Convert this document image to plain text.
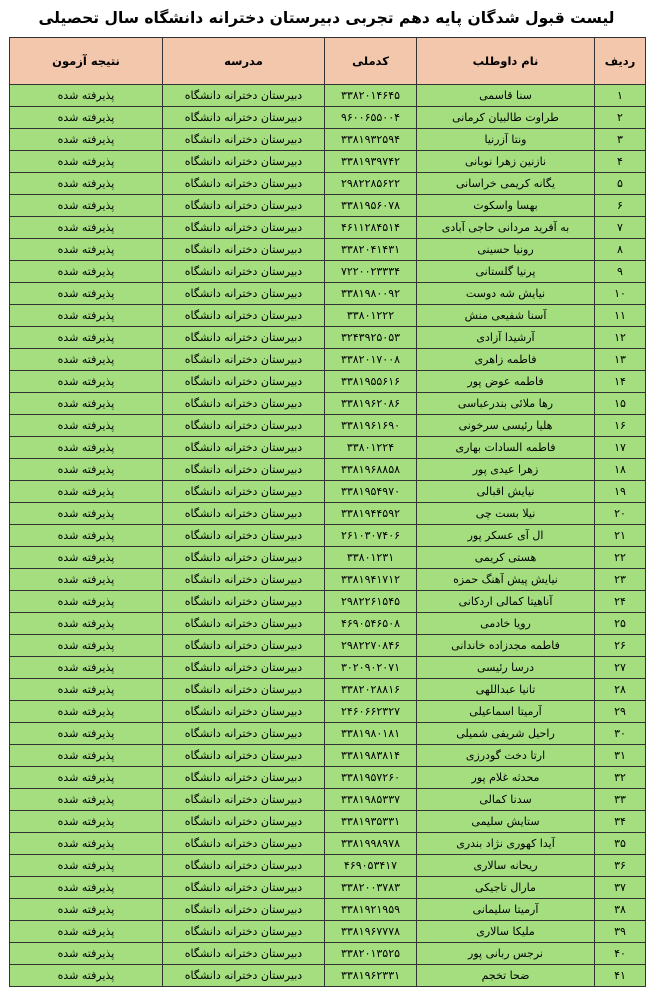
لیست قبول شدگان پایه دهم تجربی دبیرستان دخترانه دانشگاه سال تحصیلی
ردیف	نام داوطلب	کدملی	مدرسه	نتیجه آزمون
۱	سنا قاسمی	۳۳۸۲۰۱۴۶۴۵	دبیرستان دخترانه دانشگاه	پذیرفته شده
۲	طراوت طالبیان کرمانی	۹۶۰۰۶۵۵۰۰۴	دبیرستان دخترانه دانشگاه	پذیرفته شده
۳	ونتا آزرنیا	۳۳۸۱۹۳۲۵۹۴	دبیرستان دخترانه دانشگاه	پذیرفته شده
۴	نازنین زهرا نوبانی	۳۳۸۱۹۳۹۷۴۲	دبیرستان دخترانه دانشگاه	پذیرفته شده
۵	یگانه کریمی خراسانی	۲۹۸۲۲۸۵۶۲۲	دبیرستان دخترانه دانشگاه	پذیرفته شده
۶	بهسا واسکوت	۳۳۸۱۹۵۶۰۷۸	دبیرستان دخترانه دانشگاه	پذیرفته شده
۷	به آفرید مردانی حاجی آبادی	۴۶۱۱۲۸۴۵۱۴	دبیرستان دخترانه دانشگاه	پذیرفته شده
۸	رونیا حسینی	۳۳۸۲۰۴۱۴۳۱	دبیرستان دخترانه دانشگاه	پذیرفته شده
۹	پرنیا گلستانی	۷۲۲۰۰۲۳۳۳۴	دبیرستان دخترانه دانشگاه	پذیرفته شده
۱۰	نیایش شه دوست	۳۳۸۱۹۸۰۰۹۲	دبیرستان دخترانه دانشگاه	پذیرفته شده
۱۱	آسنا شفیعی منش	۳۳۸۰۱۲۲۲	دبیرستان دخترانه دانشگاه	پذیرفته شده
۱۲	آرشیدا آزادی	۳۲۴۳۹۲۵۰۵۳	دبیرستان دخترانه دانشگاه	پذیرفته شده
۱۳	فاطمه زاهری	۳۳۸۲۰۱۷۰۰۸	دبیرستان دخترانه دانشگاه	پذیرفته شده
۱۴	فاطمه عوض پور	۳۳۸۱۹۵۵۶۱۶	دبیرستان دخترانه دانشگاه	پذیرفته شده
۱۵	رها ملائی بندرعباسی	۳۳۸۱۹۶۲۰۸۶	دبیرستان دخترانه دانشگاه	پذیرفته شده
۱۶	هلیا رئیسی سرخونی	۳۳۸۱۹۶۱۶۹۰	دبیرستان دخترانه دانشگاه	پذیرفته شده
۱۷	فاطمه السادات بهاری	۳۳۸۰۱۲۲۴	دبیرستان دخترانه دانشگاه	پذیرفته شده
۱۸	زهرا عیدی پور	۳۳۸۱۹۶۸۸۵۸	دبیرستان دخترانه دانشگاه	پذیرفته شده
۱۹	نیایش اقبالی	۳۳۸۱۹۵۴۹۷۰	دبیرستان دخترانه دانشگاه	پذیرفته شده
۲۰	نیلا بست چی	۳۳۸۱۹۴۴۵۹۲	دبیرستان دخترانه دانشگاه	پذیرفته شده
۲۱	ال آی عسکر پور	۲۶۱۰۳۰۷۴۰۶	دبیرستان دخترانه دانشگاه	پذیرفته شده
۲۲	هستی کریمی	۳۳۸۰۱۲۳۱	دبیرستان دخترانه دانشگاه	پذیرفته شده
۲۳	نیایش پیش آهنگ حمزه	۳۳۸۱۹۴۱۷۱۲	دبیرستان دخترانه دانشگاه	پذیرفته شده
۲۴	آناهیتا کمالی اردکانی	۲۹۸۲۲۶۱۵۴۵	دبیرستان دخترانه دانشگاه	پذیرفته شده
۲۵	رویا خادمی	۴۶۹۰۵۴۶۵۰۸	دبیرستان دخترانه دانشگاه	پذیرفته شده
۲۶	فاطمه مجدزاده خاندانی	۲۹۸۲۲۷۰۸۴۶	دبیرستان دخترانه دانشگاه	پذیرفته شده
۲۷	درسا رئیسی	۳۰۲۰۹۰۲۰۷۱	دبیرستان دخترانه دانشگاه	پذیرفته شده
۲۸	تانیا عبداللهی	۳۳۸۲۰۲۸۸۱۶	دبیرستان دخترانه دانشگاه	پذیرفته شده
۲۹	آرمیتا اسماعیلی	۲۴۶۰۶۶۲۳۲۷	دبیرستان دخترانه دانشگاه	پذیرفته شده
۳۰	راحیل شریفی شمیلی	۳۳۸۱۹۸۰۱۸۱	دبیرستان دخترانه دانشگاه	پذیرفته شده
۳۱	ارتا دخت گودرزی	۳۳۸۱۹۸۳۸۱۴	دبیرستان دخترانه دانشگاه	پذیرفته شده
۳۲	محدثه غلام پور	۳۳۸۱۹۵۷۲۶۰	دبیرستان دخترانه دانشگاه	پذیرفته شده
۳۳	سدنا کمالی	۳۳۸۱۹۸۵۳۳۷	دبیرستان دخترانه دانشگاه	پذیرفته شده
۳۴	ستایش سلیمی	۳۳۸۱۹۳۵۳۳۱	دبیرستان دخترانه دانشگاه	پذیرفته شده
۳۵	آیدا کهوری نژاد بندری	۳۳۸۱۹۹۸۹۷۸	دبیرستان دخترانه دانشگاه	پذیرفته شده
۳۶	ریحانه سالاری	۴۶۹۰۵۳۴۱۷	دبیرستان دخترانه دانشگاه	پذیرفته شده
۳۷	مارال تاجیکی	۳۳۸۲۰۰۳۷۸۳	دبیرستان دخترانه دانشگاه	پذیرفته شده
۳۸	آرمیتا سلیمانی	۳۳۸۱۹۲۱۹۵۹	دبیرستان دخترانه دانشگاه	پذیرفته شده
۳۹	ملیکا سالاری	۳۳۸۱۹۶۷۷۷۸	دبیرستان دخترانه دانشگاه	پذیرفته شده
۴۰	نرجس ربانی پور	۳۳۸۲۰۱۳۵۲۵	دبیرستان دخترانه دانشگاه	پذیرفته شده
۴۱	ضحا تخجم	۳۳۸۱۹۶۲۳۳۱	دبیرستان دخترانه دانشگاه	پذیرفته شده
